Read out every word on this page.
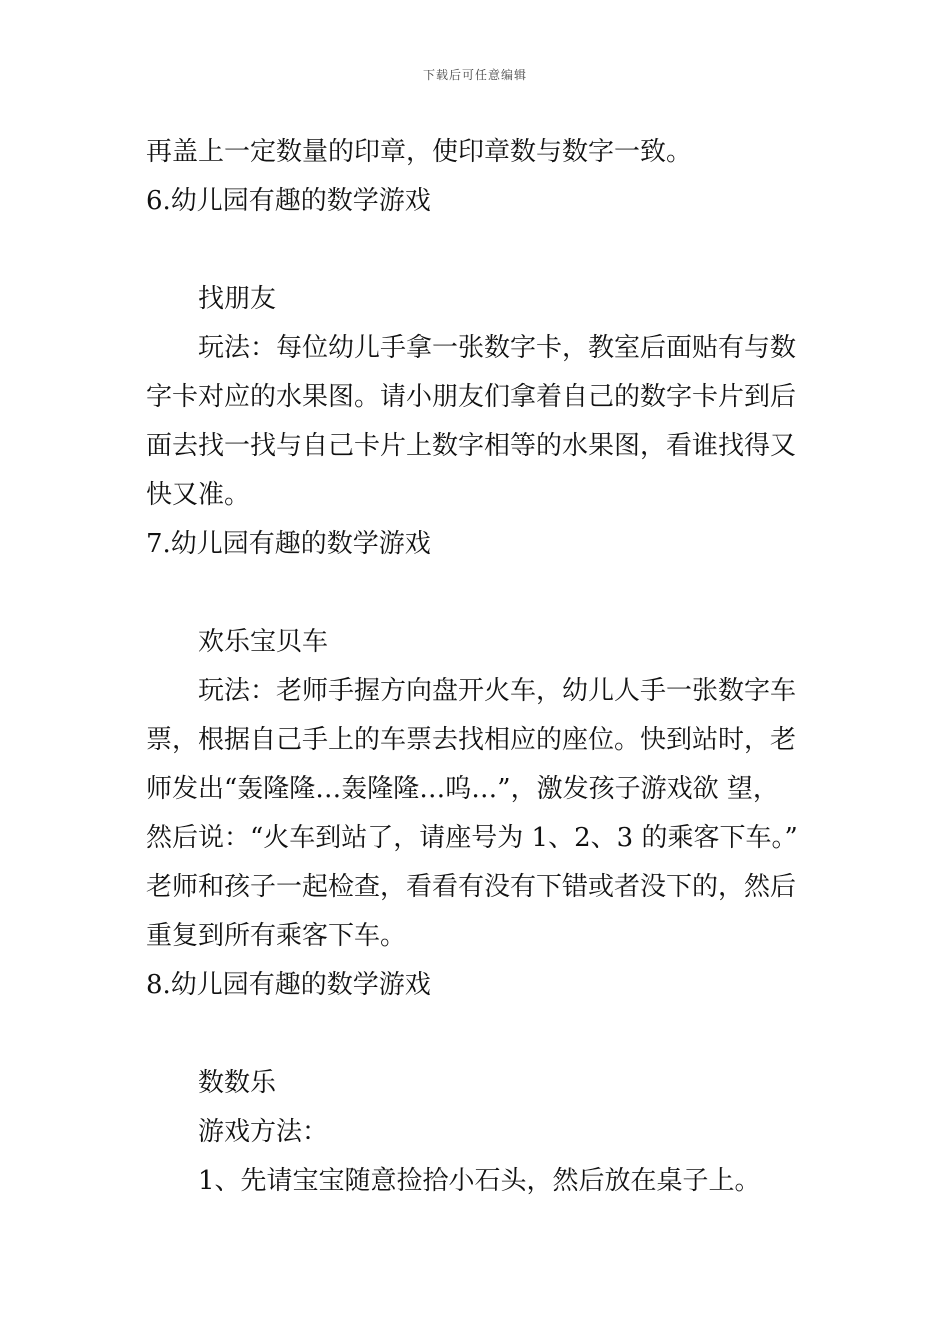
下载后可任意编辑
再盖上一定数量的印章，使印章数与数字一致。
6.幼儿园有趣的数学游戏
找朋友
玩法：每位幼儿手拿一张数字卡，教室后面贴有与数
字卡对应的水果图。请小朋友们拿着自己的数字卡片到后
面去找一找与自己卡片上数字相等的水果图，看谁找得又
快又准。
7.幼儿园有趣的数学游戏
欢乐宝贝车
玩法：老师手握方向盘开火车，幼儿人手一张数字车
票，根据自己手上的车票去找相应的座位。快到站时，老
师发出“轰隆隆…轰隆隆…呜…”，激发孩子游戏欲 望，
然后说：“火车到站了，请座号为 1、2、3 的乘客下车。”
老师和孩子一起检查，看看有没有下错或者没下的，然后
重复到所有乘客下车。
8.幼儿园有趣的数学游戏
数数乐
游戏方法：
1、先请宝宝随意捡拾小石头，然后放在桌子上。
